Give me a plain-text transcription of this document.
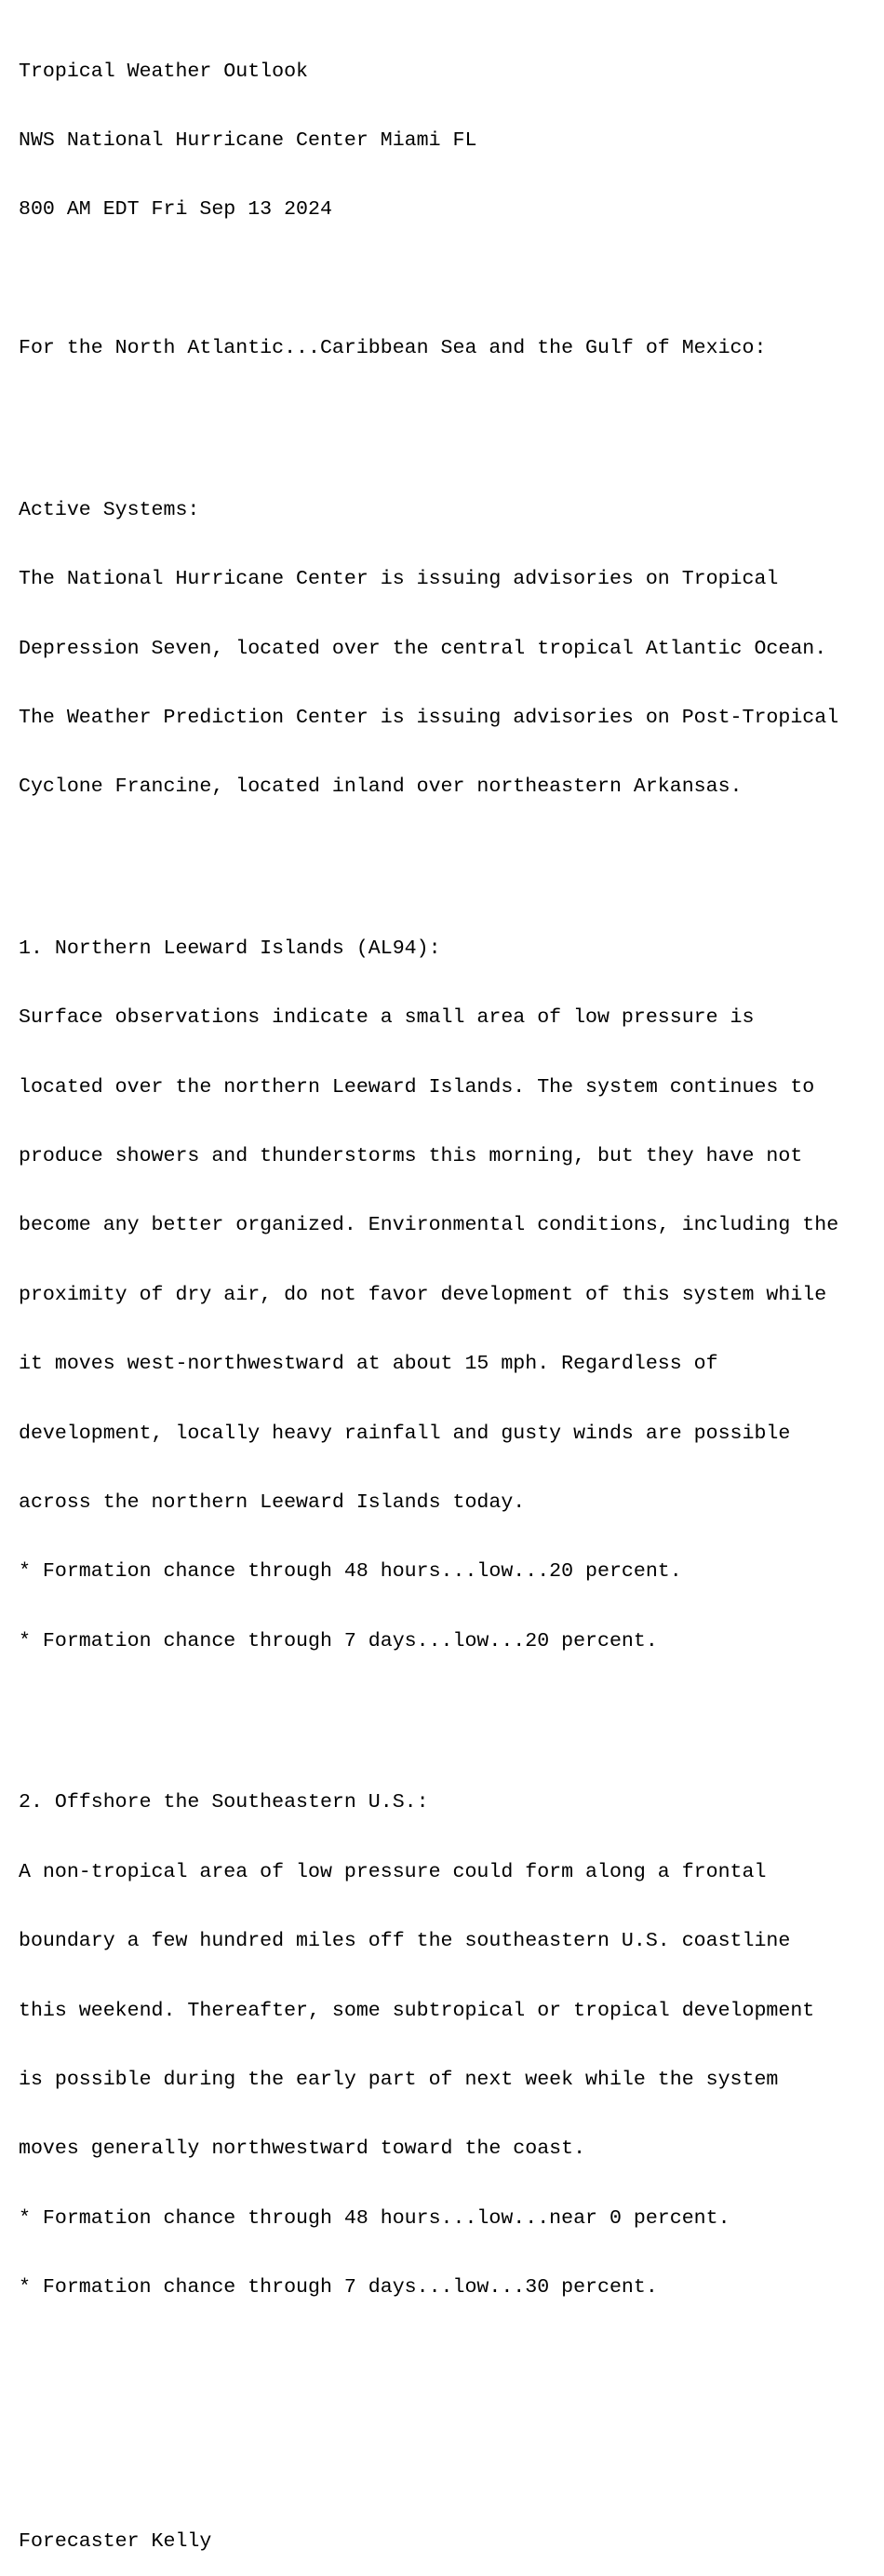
Tropical Weather Outlook

NWS National Hurricane Center Miami FL

800 AM EDT Fri Sep 13 2024

For the North Atlantic...Caribbean Sea and the Gulf of Mexico:

Active Systems:

The National Hurricane Center is issuing advisories on Tropical

Depression Seven, located over the central tropical Atlantic Ocean.

The Weather Prediction Center is issuing advisories on Post-Tropical

Cyclone Francine, located inland over northeastern Arkansas.

1. Northern Leeward Islands (AL94):

Surface observations indicate a small area of low pressure is

located over the northern Leeward Islands. The system continues to

produce showers and thunderstorms this morning, but they have not

become any better organized. Environmental conditions, including the

proximity of dry air, do not favor development of this system while

it moves west-northwestward at about 15 mph. Regardless of

development, locally heavy rainfall and gusty winds are possible

across the northern Leeward Islands today.

* Formation chance through 48 hours...low...20 percent.

* Formation chance through 7 days...low...20 percent.

2. Offshore the Southeastern U.S.:

A non-tropical area of low pressure could form along a frontal

boundary a few hundred miles off the southeastern U.S. coastline

this weekend. Thereafter, some subtropical or tropical development

is possible during the early part of next week while the system

moves generally northwestward toward the coast.

* Formation chance through 48 hours...low...near 0 percent.

* Formation chance through 7 days...low...30 percent.

Forecaster Kelly
